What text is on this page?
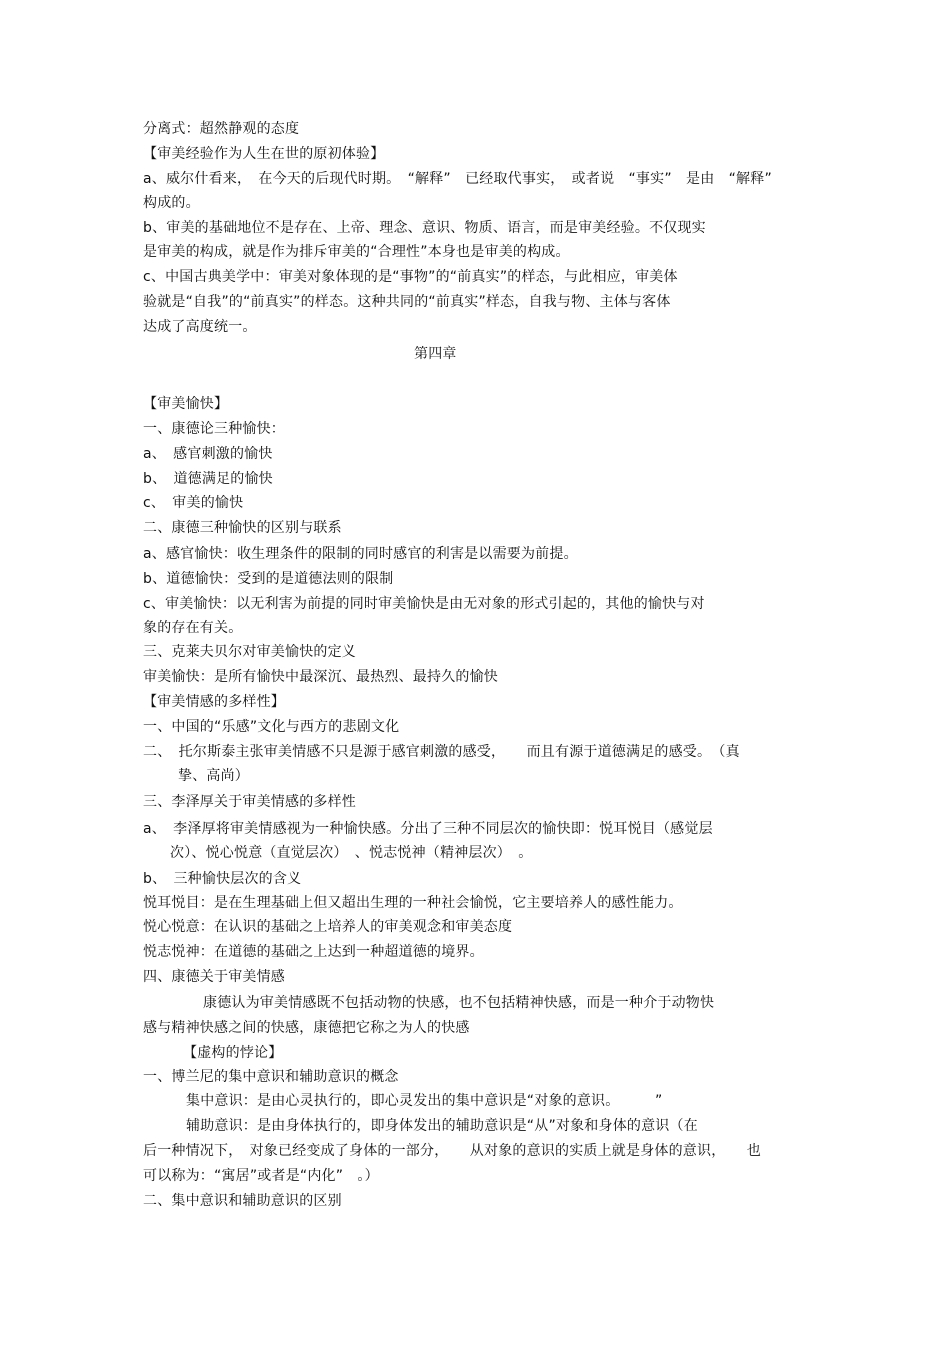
分离式：超然静观的态度
【审美经验作为人生在世的原初体验】
a、威尔什看来，　在今天的后现代时期。　“解释”　已经取代事实，　或者说　“事实”　是由　“解释”
构成的。
b、审美的基础地位不是存在、上帝、理念、意识、物质、语言，而是审美经验。不仅现实
是审美的构成，就是作为排斥审美的“合理性”本身也是审美的构成。
c、中国古典美学中：审美对象体现的是“事物”的“前真实”的样态，与此相应，审美体
验就是“自我”的“前真实”的样态。这种共同的“前真实”样态，自我与物、主体与客体
达成了高度统一。
第四章
【审美愉快】
一、康德论三种愉快：
a、　感官刺激的愉快
b、　道德满足的愉快
c、　审美的愉快
二、康德三种愉快的区别与联系
a、感官愉快：收生理条件的限制的同时感官的利害是以需要为前提。
b、道德愉快：受到的是道德法则的限制
c、审美愉快：以无利害为前提的同时审美愉快是由无对象的形式引起的，其他的愉快与对
象的存在有关。
三、克莱夫贝尔对审美愉快的定义
审美愉快：是所有愉快中最深沉、最热烈、最持久的愉快
【审美情感的多样性】
一、中国的“乐感”文化与西方的悲剧文化
二、　托尔斯泰主张审美情感不只是源于感官刺激的感受，　　而且有源于道德满足的感受。　（真
挚、高尚）
三、李泽厚关于审美情感的多样性
a、　李泽厚将审美情感视为一种愉快感。分出了三种不同层次的愉快即：悦耳悦目（感觉层
次）、悦心悦意（直觉层次）　、悦志悦神（精神层次）　。
b、　三种愉快层次的含义
悦耳悦目：是在生理基础上但又超出生理的一种社会愉悦，它主要培养人的感性能力。
悦心悦意：在认识的基础之上培养人的审美观念和审美态度
悦志悦神：在道德的基础之上达到一种超道德的境界。
四、康德关于审美情感
康德认为审美情感既不包括动物的快感，也不包括精神快感，而是一种介于动物快
感与精神快感之间的快感，康德把它称之为人的快感
【虚构的悖论】
一、博兰尼的集中意识和辅助意识的概念
集中意识：是由心灵执行的，即心灵发出的集中意识是“对象的意识。　　　”
辅助意识：是由身体执行的，即身体发出的辅助意识是“从”对象和身体的意识（在
后一种情况下，　对象已经变成了身体的一部分，　　从对象的意识的实质上就是身体的意识，　　也
可以称为：“寓居”或者是“内化”　。）
二、集中意识和辅助意识的区别
